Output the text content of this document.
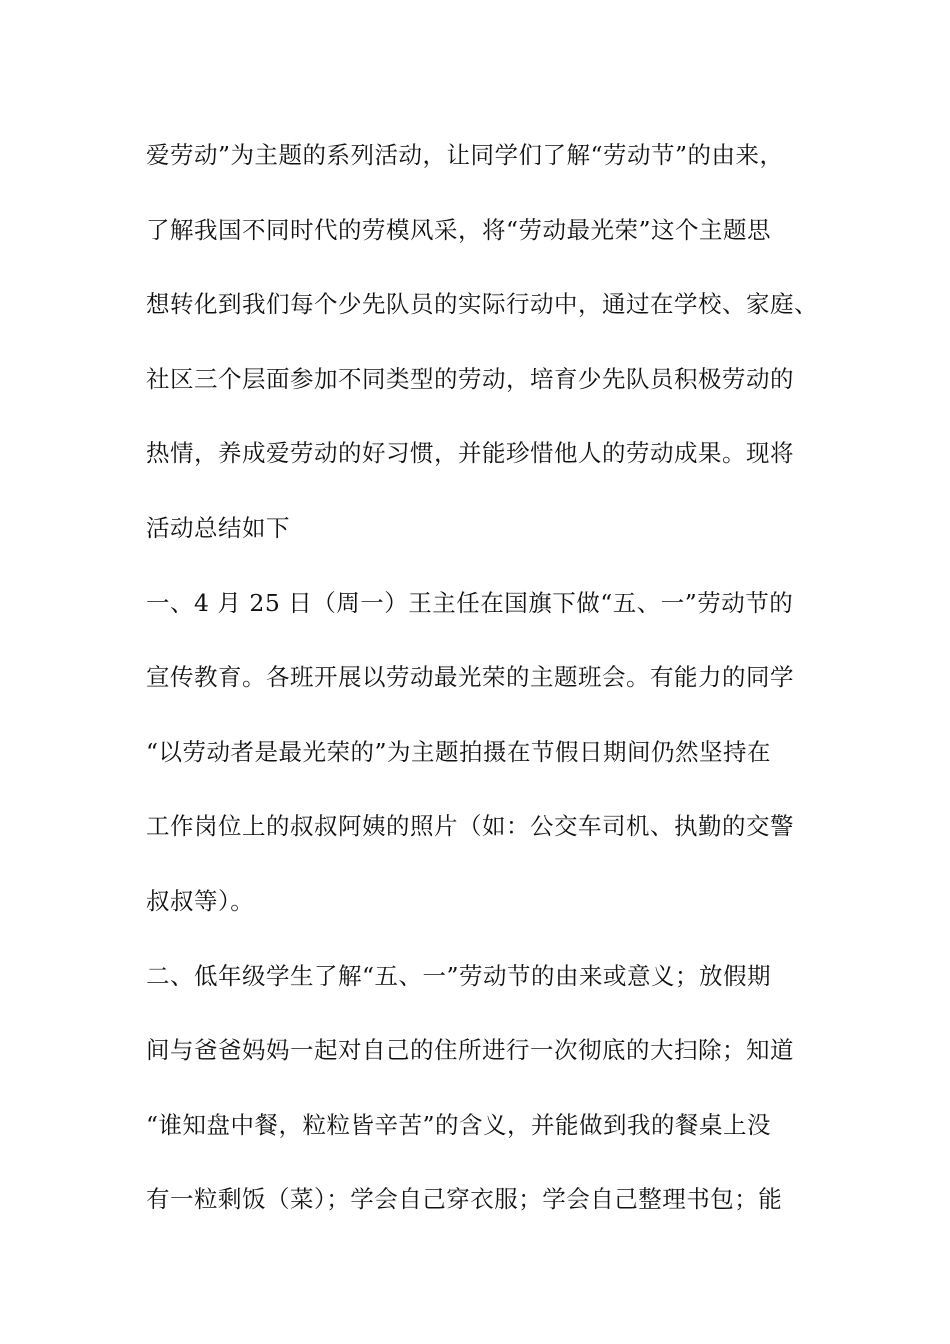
爱劳动”为主题的系列活动，让同学们了解“劳动节”的由来，
了解我国不同时代的劳模风采，将“劳动最光荣”这个主题思
想转化到我们每个少先队员的实际行动中，通过在学校、家庭、
社区三个层面参加不同类型的劳动，培育少先队员积极劳动的
热情，养成爱劳动的好习惯，并能珍惜他人的劳动成果。现将
活动总结如下
一、4 月 25 日（周一）王主任在国旗下做“五、一”劳动节的
宣传教育。各班开展以劳动最光荣的主题班会。有能力的同学
“以劳动者是最光荣的”为主题拍摄在节假日期间仍然坚持在
工作岗位上的叔叔阿姨的照片（如：公交车司机、执勤的交警
叔叔等）。
二、低年级学生了解“五、一”劳动节的由来或意义；放假期
间与爸爸妈妈一起对自己的住所进行一次彻底的大扫除；知道
“谁知盘中餐，粒粒皆辛苦”的含义，并能做到我的餐桌上没
有一粒剩饭（菜）；学会自己穿衣服；学会自己整理书包；能
